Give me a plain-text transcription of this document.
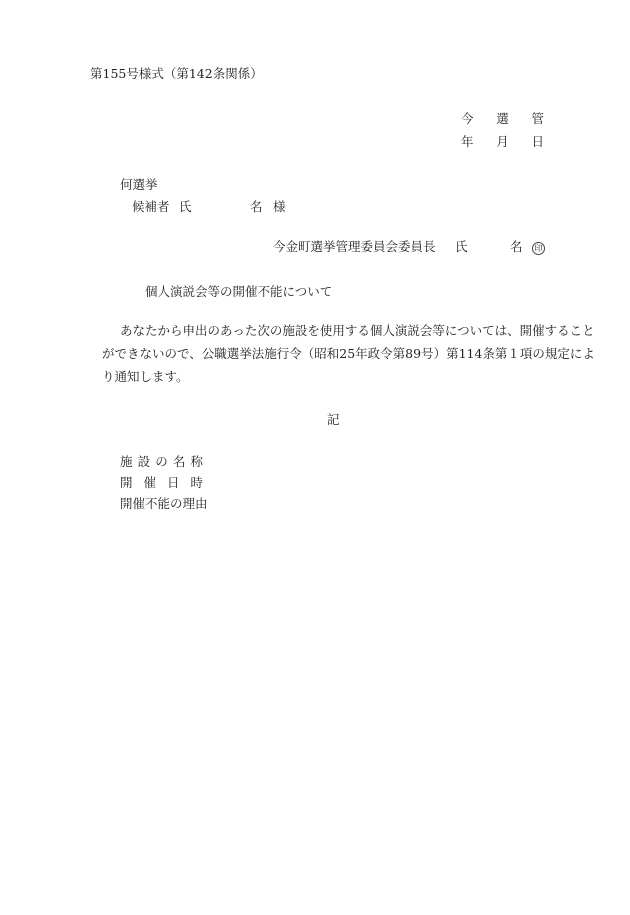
第155号様式（第142条関係）
今 選 管
年 月 日
何選挙
候補者 氏	名 様
今金町選挙管理委員会委員長 氏	名	印
個人演説会等の開催不能について
あなたから申出のあった次の施設を使用する個人演説会等については、開催すること
ができないので、公職選挙法施行令（昭和25年政令第89号）第114条第１項の規定によ
り通知します。
記
施 設 の 名 称
開 催 日 時
開催不能の理由
